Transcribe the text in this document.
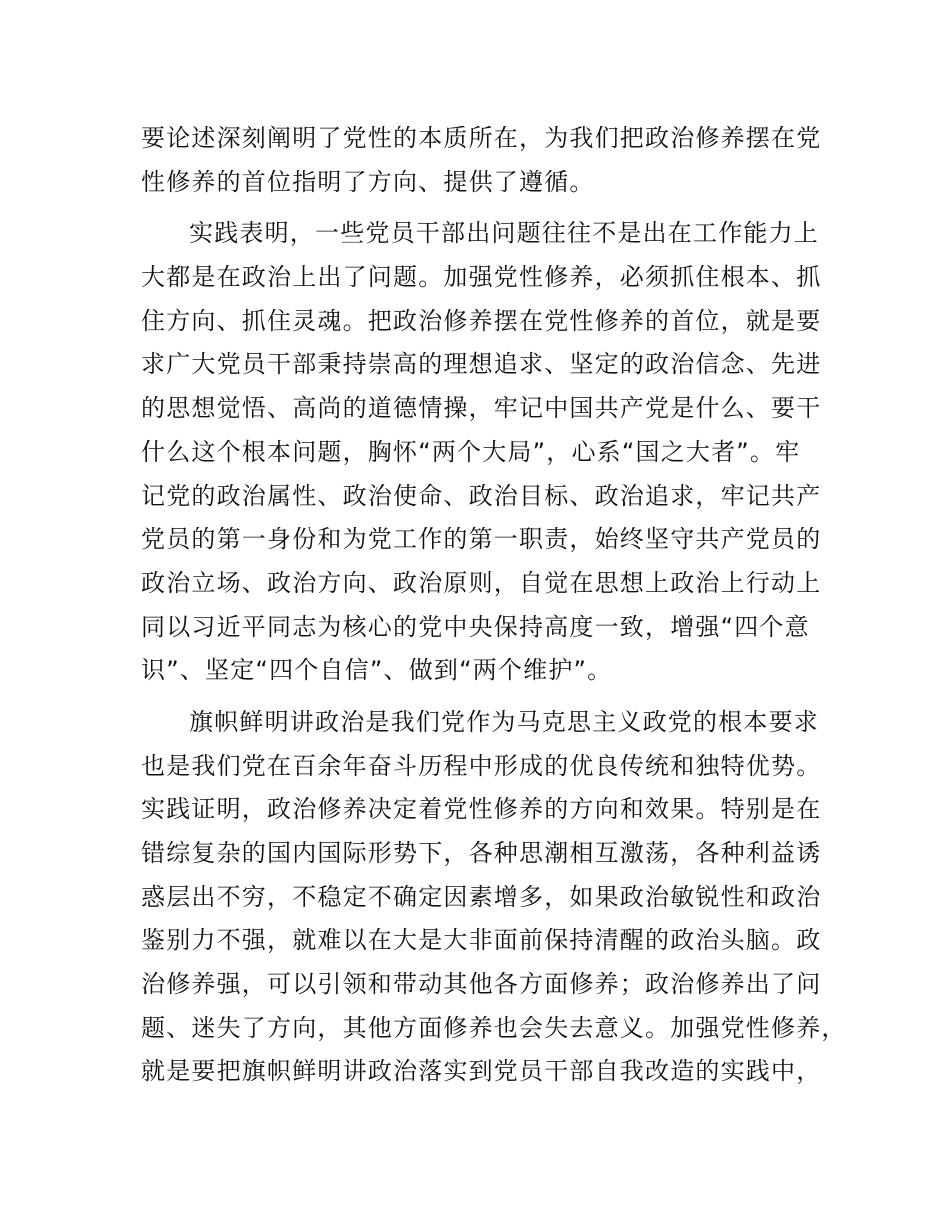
要论述深刻阐明了党性的本质所在，为我们把政治修养摆在党
性修养的首位指明了方向、提供了遵循。
实践表明，一些党员干部出问题往往不是出在工作能力上
大都是在政治上出了问题。加强党性修养，必须抓住根本、抓
住方向、抓住灵魂。把政治修养摆在党性修养的首位，就是要
求广大党员干部秉持崇高的理想追求、坚定的政治信念、先进
的思想觉悟、高尚的道德情操，牢记中国共产党是什么、要干
什么这个根本问题，胸怀“两个大局”，心系“国之大者”。牢
记党的政治属性、政治使命、政治目标、政治追求，牢记共产
党员的第一身份和为党工作的第一职责，始终坚守共产党员的
政治立场、政治方向、政治原则，自觉在思想上政治上行动上
同以习近平同志为核心的党中央保持高度一致，增强“四个意
识”、坚定“四个自信”、做到“两个维护”。
旗帜鲜明讲政治是我们党作为马克思主义政党的根本要求
也是我们党在百余年奋斗历程中形成的优良传统和独特优势。
实践证明，政治修养决定着党性修养的方向和效果。特别是在
错综复杂的国内国际形势下，各种思潮相互激荡，各种利益诱
惑层出不穷，不稳定不确定因素增多，如果政治敏锐性和政治
鉴别力不强，就难以在大是大非面前保持清醒的政治头脑。政
治修养强，可以引领和带动其他各方面修养；政治修养出了问
题、迷失了方向，其他方面修养也会失去意义。加强党性修养，
就是要把旗帜鲜明讲政治落实到党员干部自我改造的实践中，
